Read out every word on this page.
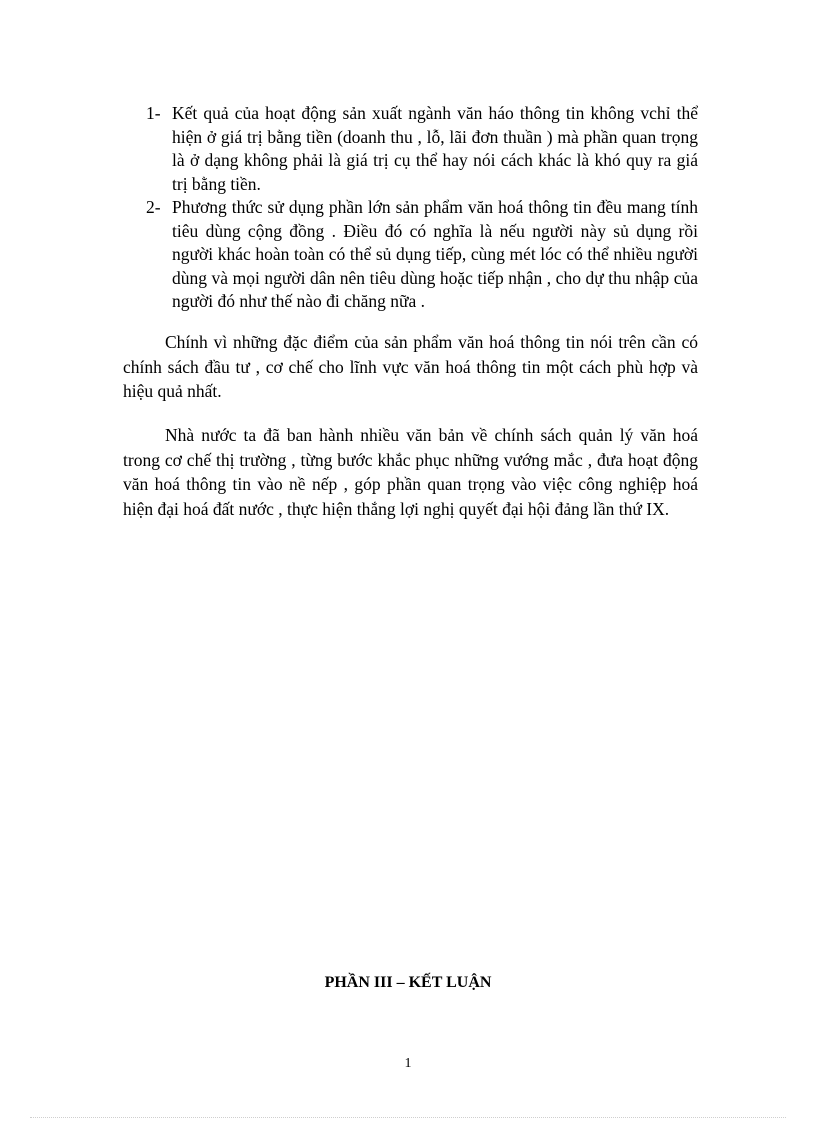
1- Kết quả của hoạt động sản xuất ngành văn háo thông tin không vchỉ thể hiện ở giá trị bằng tiền (doanh thu , lỗ, lãi đơn thuần ) mà phần quan trọng là ở dạng không phải là giá trị cụ thể hay nói cách khác là khó quy ra giá trị bằng tiền.
2- Phương thức sử dụng phần lớn sản phẩm văn hoá thông tin đều mang tính tiêu dùng cộng đồng . Điều đó có nghĩa là nếu người này sủ dụng rồi người khác hoàn toàn có thể sủ dụng tiếp, cùng mét lóc có thể nhiều người dùng và mọi người dân nên tiêu dùng hoặc tiếp nhận , cho dự thu nhập của người đó như thế nào đi chăng nữa .

Chính vì những đặc điểm của sản phẩm văn hoá thông tin nói trên cần có chính sách đầu tư , cơ chế cho lĩnh vực văn hoá thông tin một cách phù hợp và hiệu quả nhất.

Nhà nước ta đã ban hành nhiều văn bản về chính sách quản lý văn hoá trong cơ chế thị trường , từng bước khắc phục những vướng mắc , đưa hoạt động văn hoá thông tin vào nề nếp , góp phần quan trọng vào việc công nghiệp hoá hiện đại hoá đất nước , thực hiện thắng lợi nghị quyết đại hội đảng lần thứ IX.

PHẦN III – KẾT LUẬN
1
